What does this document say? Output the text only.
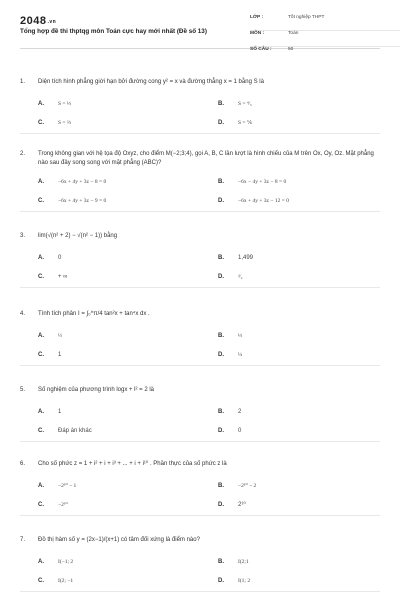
2048.vn
Tổng hợp đề thi thptqg môn Toán cực hay mới nhất (Đề số 13)
LỚP :	Tốt nghiệp THPT
MÔN :	Toán
SỐ CÂU :	50
1.	Diện tích hình phẳng giới hạn bởi đường cong y² = x và đường thẳng x = 1 bằng S là
A.	S = ⅓	B.	S = ⁴⁄₃
C.	S = ⅔	D.	S = ⅙
2.	Trong không gian với hệ tọa độ Oxyz, cho điểm M(−2;3;4), gọi A, B, C lần lượt là hình chiếu của M trên Ox, Oy, Oz. Mặt phẳng nào sau đây song song với mặt phẳng (ABC)?
A.	−6x + 4y + 3z − 8 = 0	B.	−6x − 4y + 3z − 8 = 0
C.	−6x + 4y + 3z − 9 = 0	D.	−6x + 4y + 3z − 12 = 0
3.	lim(√(n² + 2) − √(n² − 1)) bằng
A.	0	B.	1,499
C.	+ ∞	D.	³⁄₂
4.	Tính tích phân I = ∫₀^π/4 tan²x + tan⁴x dx .
A.	½	B.	⅓
C.	1	D.	¼
5.	Số nghiệm của phương trình logx + l² = 2 là
A.	1	B.	2
C.	Đáp án khác	D.	0
6.	Cho số phức z = 1 + i² + i + i³ + ... + i + i¹⁰ . Phần thực của số phức z là
A.	−2¹⁰ − 1	B.	−2¹⁰ − 2
C.	−2¹⁰	D.	2¹⁰
7.	Đồ thị hàm số y = (2x−1)/(x+1) có tâm đối xứng là điểm nào?
A.	I(−1; 2	B.	I(2;1
C.	I(2; −1	D.	I(1; 2
